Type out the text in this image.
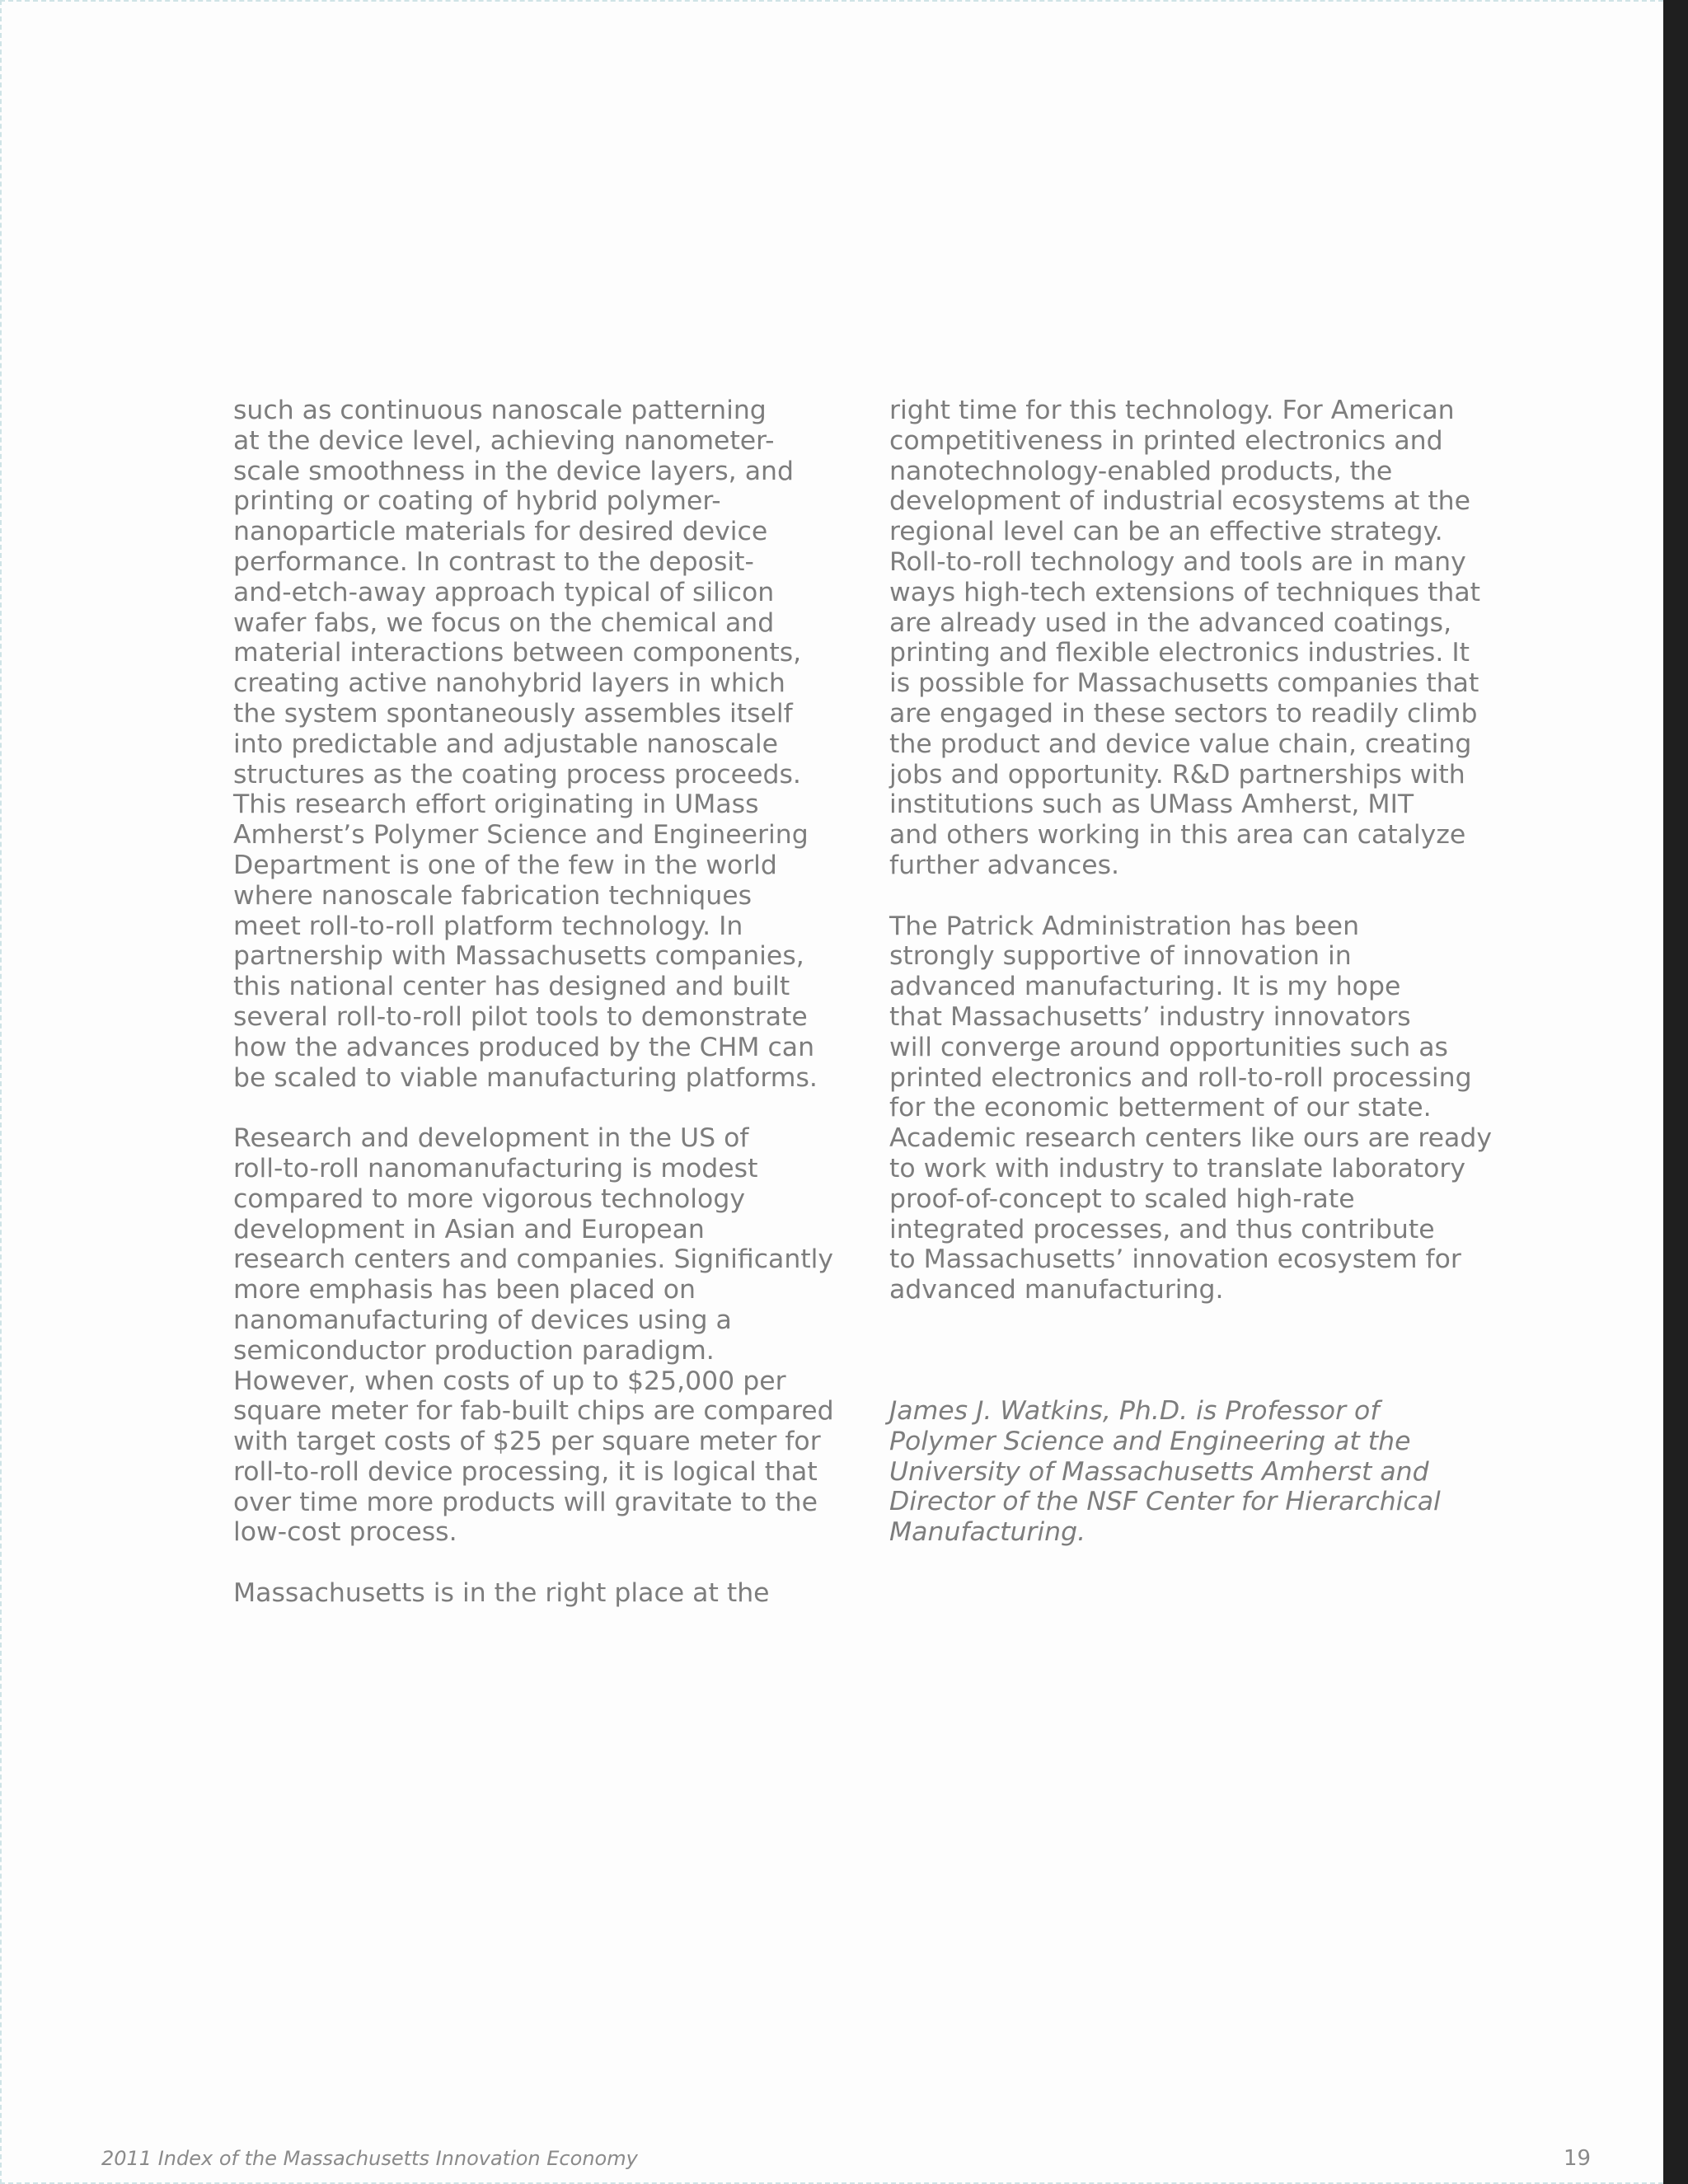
such as continuous nanoscale patterning
at the device level, achieving nanometer-
scale smoothness in the device layers, and
printing or coating of hybrid polymer-
nanoparticle materials for desired device
performance. In contrast to the deposit-
and-etch-away approach typical of silicon
wafer fabs, we focus on the chemical and
material interactions between components,
creating active nanohybrid layers in which
the system spontaneously assembles itself
into predictable and adjustable nanoscale
structures as the coating process proceeds.
This research effort originating in UMass
Amherst’s Polymer Science and Engineering
Department is one of the few in the world
where nanoscale fabrication techniques
meet roll-to-roll platform technology. In
partnership with Massachusetts companies,
this national center has designed and built
several roll-to-roll pilot tools to demonstrate
how the advances produced by the CHM can
be scaled to viable manufacturing platforms.

Research and development in the US of
roll-to-roll nanomanufacturing is modest
compared to more vigorous technology
development in Asian and European
research centers and companies. Significantly
more emphasis has been placed on
nanomanufacturing of devices using a
semiconductor production paradigm.
However, when costs of up to $25,000 per
square meter for fab-built chips are compared
with target costs of $25 per square meter for
roll-to-roll device processing, it is logical that
over time more products will gravitate to the
low-cost process.

Massachusetts is in the right place at the

right time for this technology. For American
competitiveness in printed electronics and
nanotechnology-enabled products, the
development of industrial ecosystems at the
regional level can be an effective strategy.
Roll-to-roll technology and tools are in many
ways high-tech extensions of techniques that
are already used in the advanced coatings,
printing and flexible electronics industries. It
is possible for Massachusetts companies that
are engaged in these sectors to readily climb
the product and device value chain, creating
jobs and opportunity. R&D partnerships with
institutions such as UMass Amherst, MIT
and others working in this area can catalyze
further advances.

The Patrick Administration has been
strongly supportive of innovation in
advanced manufacturing. It is my hope
that Massachusetts’ industry innovators
will converge around opportunities such as
printed electronics and roll-to-roll processing
for the economic betterment of our state.
Academic research centers like ours are ready
to work with industry to translate laboratory
proof-of-concept to scaled high-rate
integrated processes, and thus contribute
to Massachusetts’ innovation ecosystem for
advanced manufacturing.

James J. Watkins, Ph.D. is Professor of
Polymer Science and Engineering at the
University of Massachusetts Amherst and
Director of the NSF Center for Hierarchical
Manufacturing.

2011 Index of the Massachusetts Innovation Economy	19
